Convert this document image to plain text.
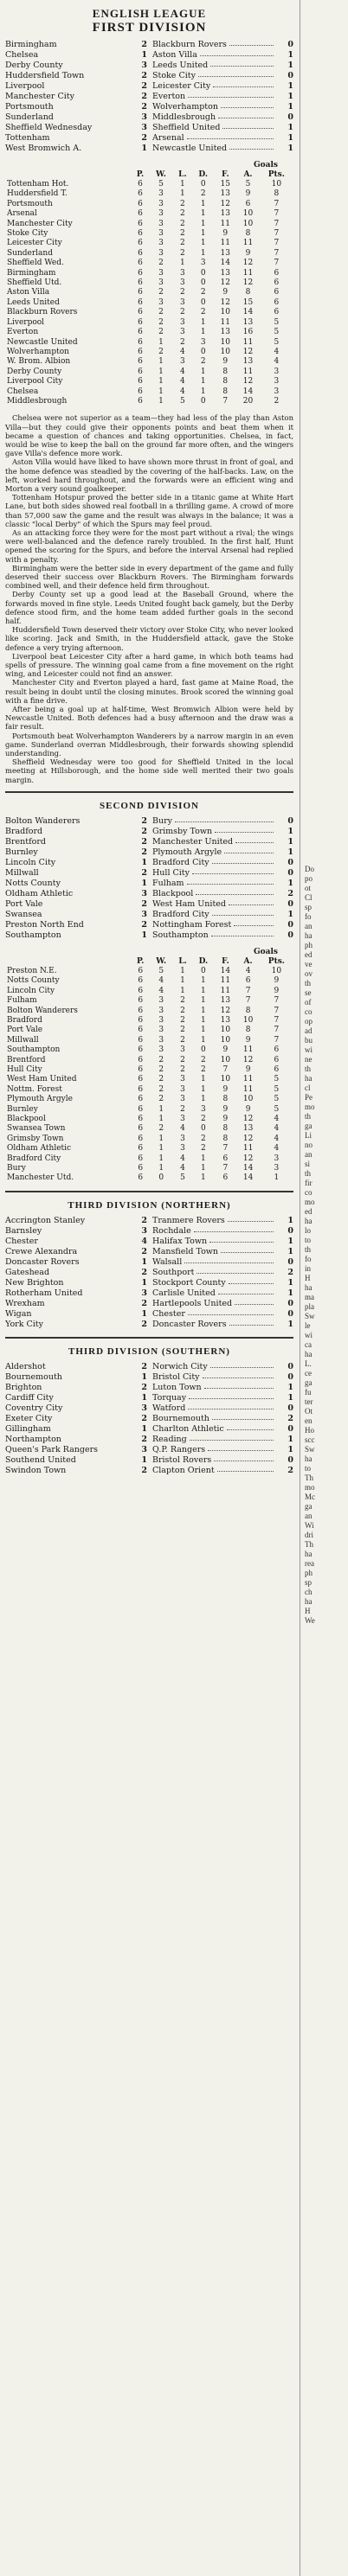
ENGLISH LEAGUE
FIRST DIVISION
Birmingham	2 Blackburn Rovers	0
Chelsea	1 Aston Villa	1
Derby County	3 Leeds United	1
Huddersfield Town	2 Stoke City	0
Liverpool	2 Leicester City	1
Manchester City	2 Everton	1
Portsmouth	2 Wolverhampton	1
Sunderland	3 Middlesbrough	0
Sheffield Wednesday	3 Sheffield United	1
Tottenham	2 Arsenal	1
West Bromwich A.	1 Newcastle United	1
Goals
	P.	W.	L.	D.	F.	A.	Pts.
Tottenham Hot.	6	5	1	0	15	5	10
Huddersfield T.	6	3	1	2	13	9	8
Portsmouth	6	3	2	1	12	6	7
Arsenal	6	3	2	1	13	10	7
Manchester City	6	3	2	1	11	10	7
Stoke City	6	3	2	1	9	8	7
Leicester City	6	3	2	1	11	11	7
Sunderland	6	3	2	1	13	9	7
Sheffield Wed.	6	2	1	3	14	12	7
Birmingham	6	3	3	0	13	11	6
Sheffield Utd.	6	3	3	0	12	12	6
Aston Villa	6	2	2	2	9	8	6
Leeds United	6	3	3	0	12	15	6
Blackburn Rovers	6	2	2	2	10	14	6
Liverpool	6	2	3	1	11	13	5
Everton	6	2	3	1	13	16	5
Newcastle United	6	1	2	3	10	11	5
Wolverhampton	6	2	4	0	10	12	4
W. Brom. Albion	6	1	3	2	9	13	4
Derby County	6	1	4	1	8	11	3
Liverpool City	6	1	4	1	8	12	3
Chelsea	6	1	4	1	8	14	3
Middlesbrough	6	1	5	0	7	20	2

Chelsea were not superior as a team—they had less of the play than Aston Villa—but they could give their opponents points and beat them when it became a question of chances and taking opportunities. Chelsea, in fact, would be wise to keep the ball on the ground far more often, and the wingers gave Villa's defence more work.

Aston Villa would have liked to have shown more thrust in front of goal, and the home defence was steadied by the covering of the half-backs. Law, on the left, worked hard throughout, and the forwards were an efficient wing and Morton a very sound goalkeeper.

Tottenham Hotspur proved the better side in a titanic game at White Hart Lane, but both sides showed real football in a thrilling game. A crowd of more than 57,000 saw the game and the result was always in the balance; it was a classic "local Derby" of which the Spurs may feel proud.

As an attacking force they were for the most part without a rival; the wings were well-balanced and the defence rarely troubled. In the first half, Hunt opened the scoring for the Spurs, and before the interval Arsenal had replied with a penalty.

Birmingham were the better side in every department of the game and fully deserved their success over Blackburn Rovers. The Birmingham forwards combined well, and their defence held firm throughout.

Derby County set up a good lead at the Baseball Ground, where the forwards moved in fine style. Leeds United fought back gamely, but the Derby defence stood firm, and the home team added further goals in the second half.

Huddersfield Town deserved their victory over Stoke City, who never looked like scoring. Jack and Smith, in the Huddersfield attack, gave the Stoke defence a very trying afternoon.

Liverpool beat Leicester City after a hard game, in which both teams had spells of pressure. The winning goal came from a fine movement on the right wing, and Leicester could not find an answer.

Manchester City and Everton played a hard, fast game at Maine Road, the result being in doubt until the closing minutes. Brook scored the winning goal with a fine drive.

After being a goal up at half-time, West Bromwich Albion were held by Newcastle United. Both defences had a busy afternoon and the draw was a fair result.

Portsmouth beat Wolverhampton Wanderers by a narrow margin in an even game. Sunderland overran Middlesbrough, their forwards showing splendid understanding.

Sheffield Wednesday were too good for Sheffield United in the local meeting at Hillsborough, and the home side well merited their two goals margin.

SECOND DIVISION
Bolton Wanderers	2 Bury	0
Bradford	2 Grimsby Town	1
Brentford	2 Manchester United	1
Burnley	2 Plymouth Argyle	1
Lincoln City	1 Bradford City	0
Millwall	2 Hull City	0
Notts County	1 Fulham	1
Oldham Athletic	3 Blackpool	2
Port Vale	2 West Ham United	0
Swansea	3 Bradford City	1
Preston North End	2 Nottingham Forest	0
Southampton	1 Southampton	0
Goals
	P.	W.	L.	D.	F.	A.	Pts.
Preston N.E.	6	5	1	0	14	4	10
Notts County	6	4	1	1	11	6	9
Lincoln City	6	4	1	1	11	7	9
Fulham	6	3	2	1	13	7	7
Bolton Wanderers	6	3	2	1	12	8	7
Bradford	6	3	2	1	13	10	7
Port Vale	6	3	2	1	10	8	7
Millwall	6	3	2	1	10	9	7
Southampton	6	3	3	0	9	11	6
Brentford	6	2	2	2	10	12	6
Hull City	6	2	2	2	7	9	6
West Ham United	6	2	3	1	10	11	5
Nottm. Forest	6	2	3	1	9	11	5
Plymouth Argyle	6	2	3	1	8	10	5
Burnley	6	1	2	3	9	9	5
Blackpool	6	1	3	2	9	12	4
Swansea Town	6	2	4	0	8	13	4
Grimsby Town	6	1	3	2	8	12	4
Oldham Athletic	6	1	3	2	7	11	4
Bradford City	6	1	4	1	6	12	3
Bury	6	1	4	1	7	14	3
Manchester Utd.	6	0	5	1	6	14	1
THIRD DIVISION (NORTHERN)
Accrington Stanley	2 Tranmere Rovers	1
Barnsley	3 Rochdale	0
Chester	4 Halifax Town	1
Crewe Alexandra	2 Mansfield Town	1
Doncaster Rovers	1 Walsall	0
Gateshead	2 Southport	2
New Brighton	1 Stockport County	1
Rotherham United	3 Carlisle United	1
Wrexham	2 Hartlepools United	0
Wigan	1 Chester	0
York City	2 Doncaster Rovers	1
THIRD DIVISION (SOUTHERN)
Aldershot	2 Norwich City	0
Bournemouth	1 Bristol City	0
Brighton	2 Luton Town	1
Cardiff City	1 Torquay	1
Coventry City	3 Watford	0
Exeter City	2 Bournemouth	2
Gillingham	1 Charlton Athletic	0
Northampton	2 Reading	1
Queen's Park Rangers	3 Q.P. Rangers	1
Southend United	1 Bristol Rovers	0
Swindon Town	2 Clapton Orient	2
Do
po
ot
Cl
sp
fo
an
ha
ph
ed
ve
ov
th
se
of
co
op
ad
bu
wi
ne
th
ha
cl
Pe
mo
th
ga
Li
no
an
si
th
fir
co
mo
ed
ha
lo
to
th
fo
in
H
ha
ma
pla
Sw
le
wi
ca
ha
L.
ce
ga
fu
ter
Ot
en
Ho
scc
Sw
ha
to
Th
mo
Mc
ga
an
Wi
dri
Th
ha
rea
ph
sp
ch
ha
H
We
